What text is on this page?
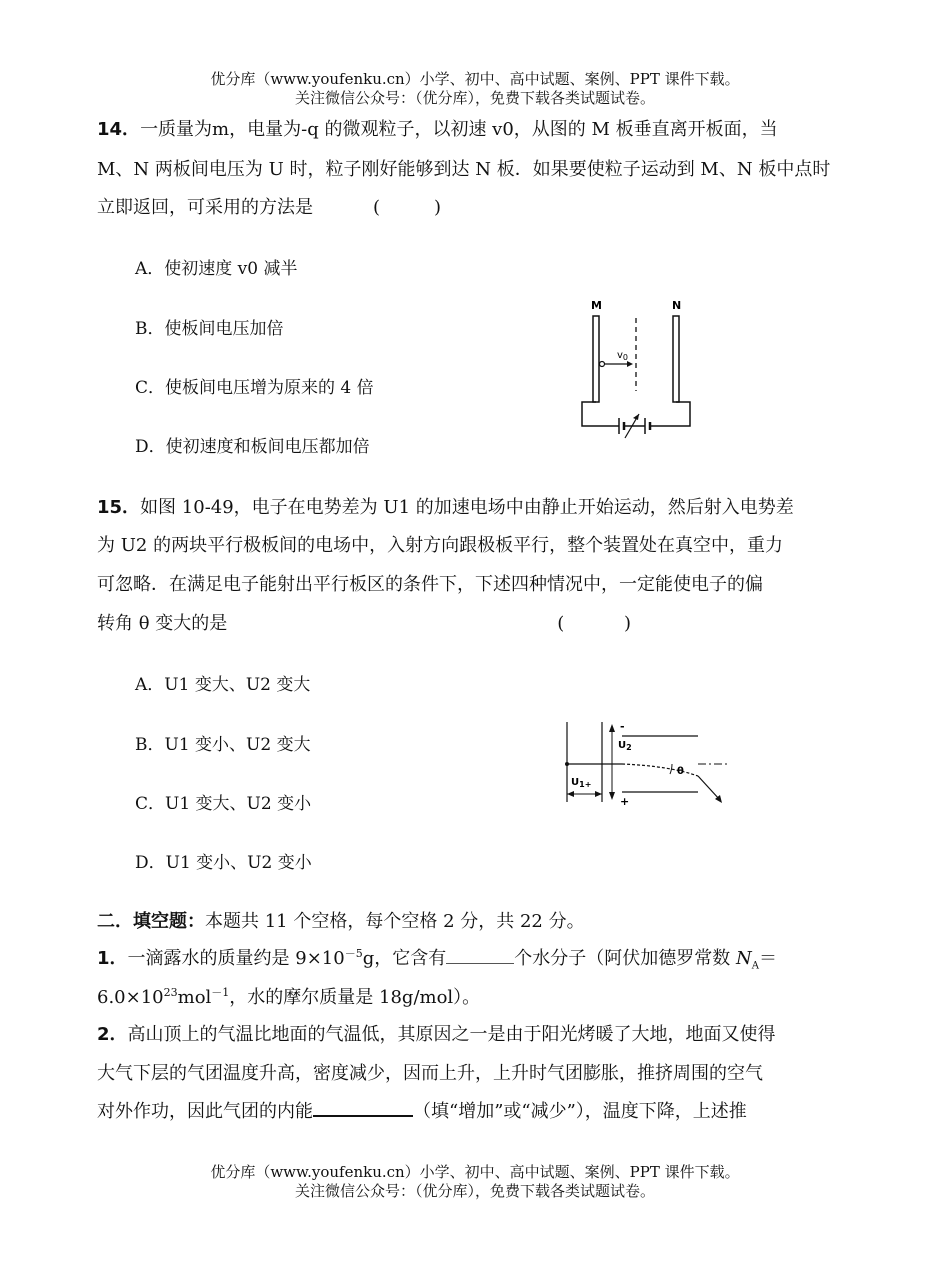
优分库（www.youfenku.cn）小学、初中、高中试题、案例、PPT 课件下载。
关注微信公众号：（优分库），免费下载各类试题试卷。
14．一质量为m，电量为-q 的微观粒子，以初速 v0，从图的 M 板垂直离开板面，当
M、N 两板间电压为 U 时，粒子刚好能够到达 N 板．如果要使粒子运动到 M、N 板中点时
立即返回，可采用的方法是	(　　　)
A．使初速度 v0 减半
B．使板间电压加倍
C．使板间电压增为原来的 4 倍
D．使初速度和板间电压都加倍
M	N
$v_0$
15．如图 10-49，电子在电势差为 U1 的加速电场中由静止开始运动，然后射入电势差
为 U2 的两块平行极板间的电场中，入射方向跟极板平行，整个装置处在真空中，重力
可忽略．在满足电子能射出平行板区的条件下，下述四种情况中，一定能使电子的偏
转角 θ 变大的是	(　　　 )
A．U1 变大、U2 变大
B．U1 变小、U2 变大
C．U1 变大、U2 变小
D．U1 变小、U2 变小
-
+
$U_2$
$U_{1+}$
θ
二．填空题：本题共 11 个空格，每个空格 2 分，共 22 分。
1．一滴露水的质量约是 $9\times 10^{-5}g$，它含有	个水分子（阿伏加德罗常数 $N_A=$
$6.0\times 10^{23}mol^{-1}$，水的摩尔质量是 18g/mol）。
2．高山顶上的气温比地面的气温低，其原因之一是由于阳光烤暖了大地，地面又使得
大气下层的气团温度升高，密度减少，因而上升，上升时气团膨胀，推挤周围的空气
对外作功，因此气团的内能	（填“增加”或“减少”），温度下降，上述推
优分库（www.youfenku.cn）小学、初中、高中试题、案例、PPT 课件下载。
关注微信公众号：（优分库），免费下载各类试题试卷。
